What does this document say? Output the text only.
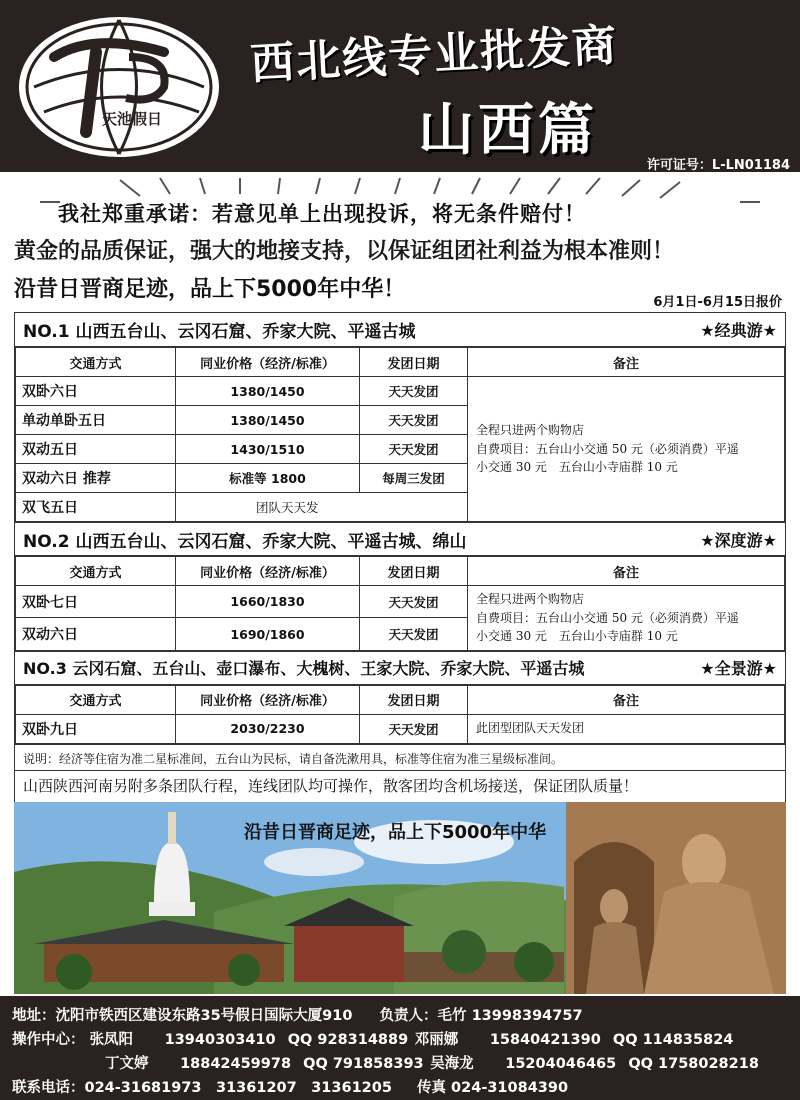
天池假日
西北线专业批发商
山西篇
许可证号：L-LN01184
我社郑重承诺：若意见单上出现投诉，将无条件赔付！
黄金的品质保证，强大的地接支持，以保证组团社利益为根本准则！
沿昔日晋商足迹，品上下5000年中华！
6月1日-6月15日报价
NO.1 山西五台山、云冈石窟、乔家大院、平遥古城	★经典游★
交通方式	同业价格（经济/标准）	发团日期	备注
双卧六日	1380/1450	天天发团	全程只进两个购物店
自费项目：五台山小交通 50 元（必须消费）平遥
小交通 30 元　五台山小寺庙群 10 元

单动单卧五日	1380/1450	天天发团	
双动五日	1430/1510	天天发团	
双动六日 推荐	标准等 1800	每周三发团	
双飞五日	团队天天发		
NO.2 山西五台山、云冈石窟、乔家大院、平遥古城、绵山	★深度游★
交通方式	同业价格（经济/标准）	发团日期	备注
双卧七日	1660/1830	天天发团	全程只进两个购物店
自费项目：五台山小交通 50 元（必须消费）平遥
小交通 30 元　五台山小寺庙群 10 元

双动六日	1690/1860	天天发团	
NO.3 云冈石窟、五台山、壶口瀑布、大槐树、王家大院、乔家大院、平遥古城	★全景游★
交通方式	同业价格（经济/标准）	发团日期	备注
双卧九日	2030/2230	天天发团	此团型团队天天发团
说明：经济等住宿为准二星标准间，五台山为民标，请自备洗漱用具，标准等住宿为准三星级标准间。
山西陕西河南另附多条团队行程，连线团队均可操作，散客团均含机场接送，保证团队质量！
沿昔日晋商足迹，品上下5000年中华
地址：沈阳市铁西区建设东路35号假日国际大厦910 负责人：毛竹 13998394757
操作中心： 张凤阳 13940303410 QQ 928314889 邓丽娜 15840421390 QQ 114835824
丁文婷 18842459978 QQ 791858393 吴海龙 15204046465 QQ 1758028218
联系电话：024-31681973　31361207　31361205 传真 024-31084390
